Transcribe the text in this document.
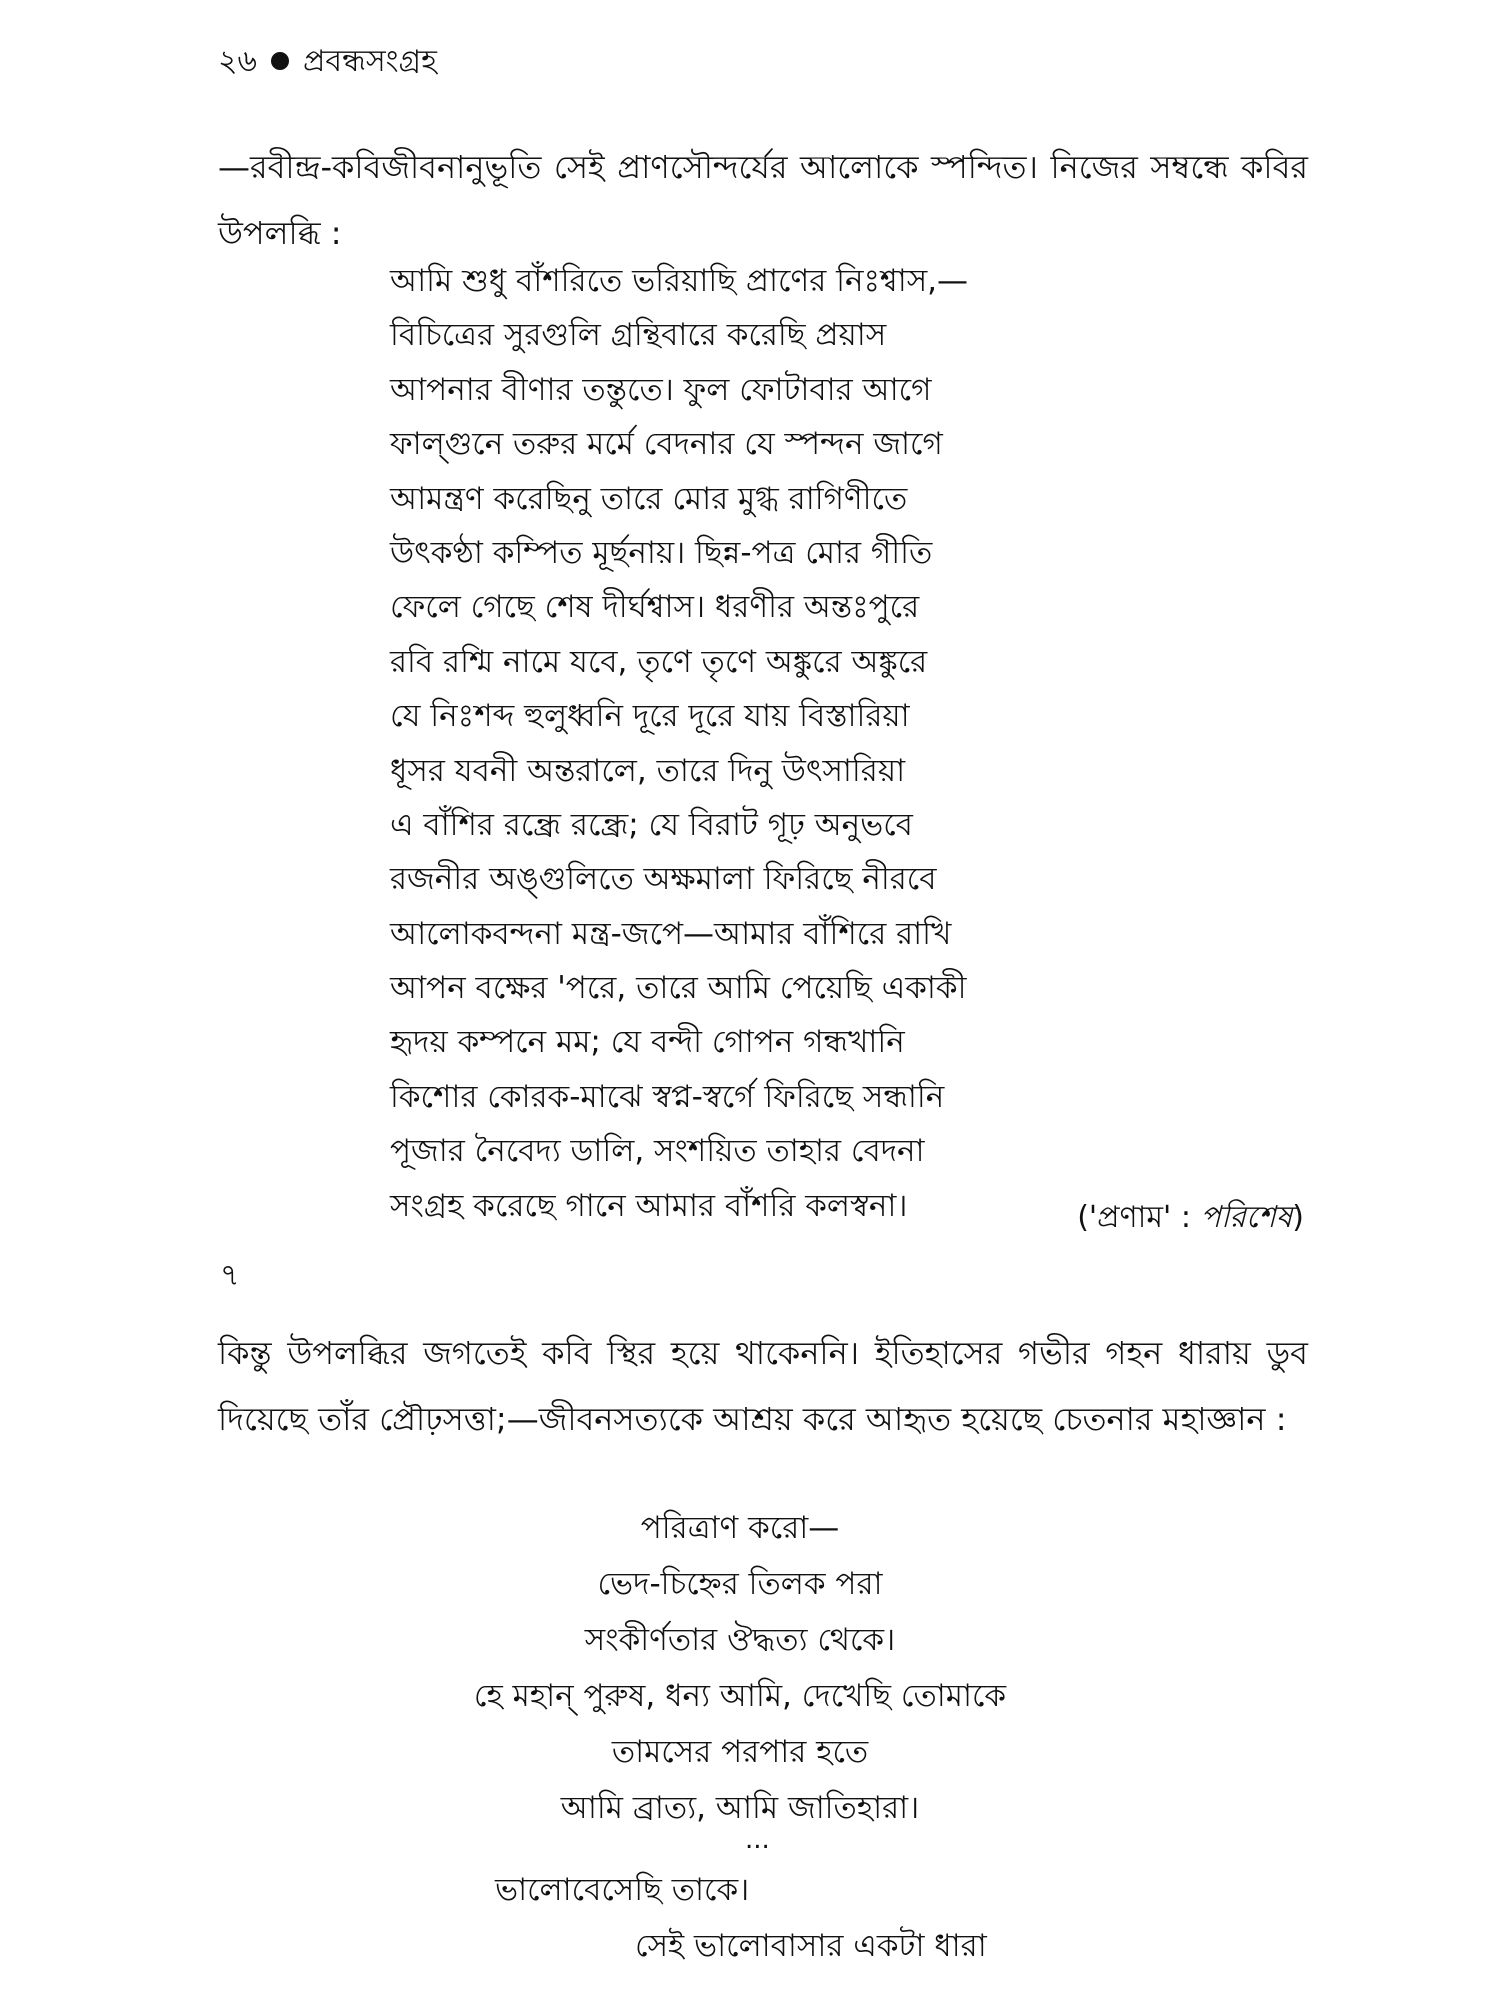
২৬ প্রবন্ধসংগ্রহ

—রবীন্দ্র-কবিজীবনানুভূতি সেই প্রাণসৌন্দর্যের আলোকে স্পন্দিত। নিজের সম্বন্ধে কবির উপলব্ধি :

আমি শুধু বাঁশরিতে ভরিয়াছি প্রাণের নিঃশ্বাস,—
বিচিত্রের সুরগুলি গ্রন্থিবারে করেছি প্রয়াস
আপনার বীণার তন্তুতে। ফুল ফোটাবার আগে
ফাল্গুনে তরুর মর্মে বেদনার যে স্পন্দন জাগে
আমন্ত্রণ করেছিনু তারে মোর মুগ্ধ রাগিণীতে
উৎকণ্ঠা কম্পিত মূর্ছনায়। ছিন্ন-পত্র মোর গীতি
ফেলে গেছে শেষ দীর্ঘশ্বাস। ধরণীর অন্তঃপুরে
রবি রশ্মি নামে যবে, তৃণে তৃণে অঙ্কুরে অঙ্কুরে
যে নিঃশব্দ হুলুধ্বনি দূরে দূরে যায় বিস্তারিয়া
ধূসর যবনী অন্তরালে, তারে দিনু উৎসারিয়া
এ বাঁশির রন্ধ্রে রন্ধ্রে; যে বিরাট গূঢ় অনুভবে
রজনীর অঙ্গুলিতে অক্ষমালা ফিরিছে নীরবে
আলোকবন্দনা মন্ত্র-জপে—আমার বাঁশিরে রাখি
আপন বক্ষের 'পরে, তারে আমি পেয়েছি একাকী
হৃদয় কম্পনে মম; যে বন্দী গোপন গন্ধখানি
কিশোর কোরক-মাঝে স্বপ্ন-স্বর্গে ফিরিছে সন্ধানি
পূজার নৈবেদ্য ডালি, সংশয়িত তাহার বেদনা
সংগ্রহ করেছে গানে আমার বাঁশরি কলস্বনা।	('প্রণাম' : পরিশেষ)
৭

কিন্তু উপলব্ধির জগতেই কবি স্থির হয়ে থাকেননি। ইতিহাসের গভীর গহন ধারায় ডুব দিয়েছে তাঁর প্রৌঢ়সত্তা;—জীবনসত্যকে আশ্রয় করে আহৃত হয়েছে চেতনার মহাজ্ঞান :

পরিত্রাণ করো—
ভেদ-চিহ্নের তিলক পরা
সংকীর্ণতার ঔদ্ধত্য থেকে।
হে মহান্ পুরুষ, ধন্য আমি, দেখেছি তোমাকে
তামসের পরপার হতে
আমি ব্রাত্য, আমি জাতিহারা।
...
ভালোবেসেছি তাকে।
সেই ভালোবাসার একটা ধারা
